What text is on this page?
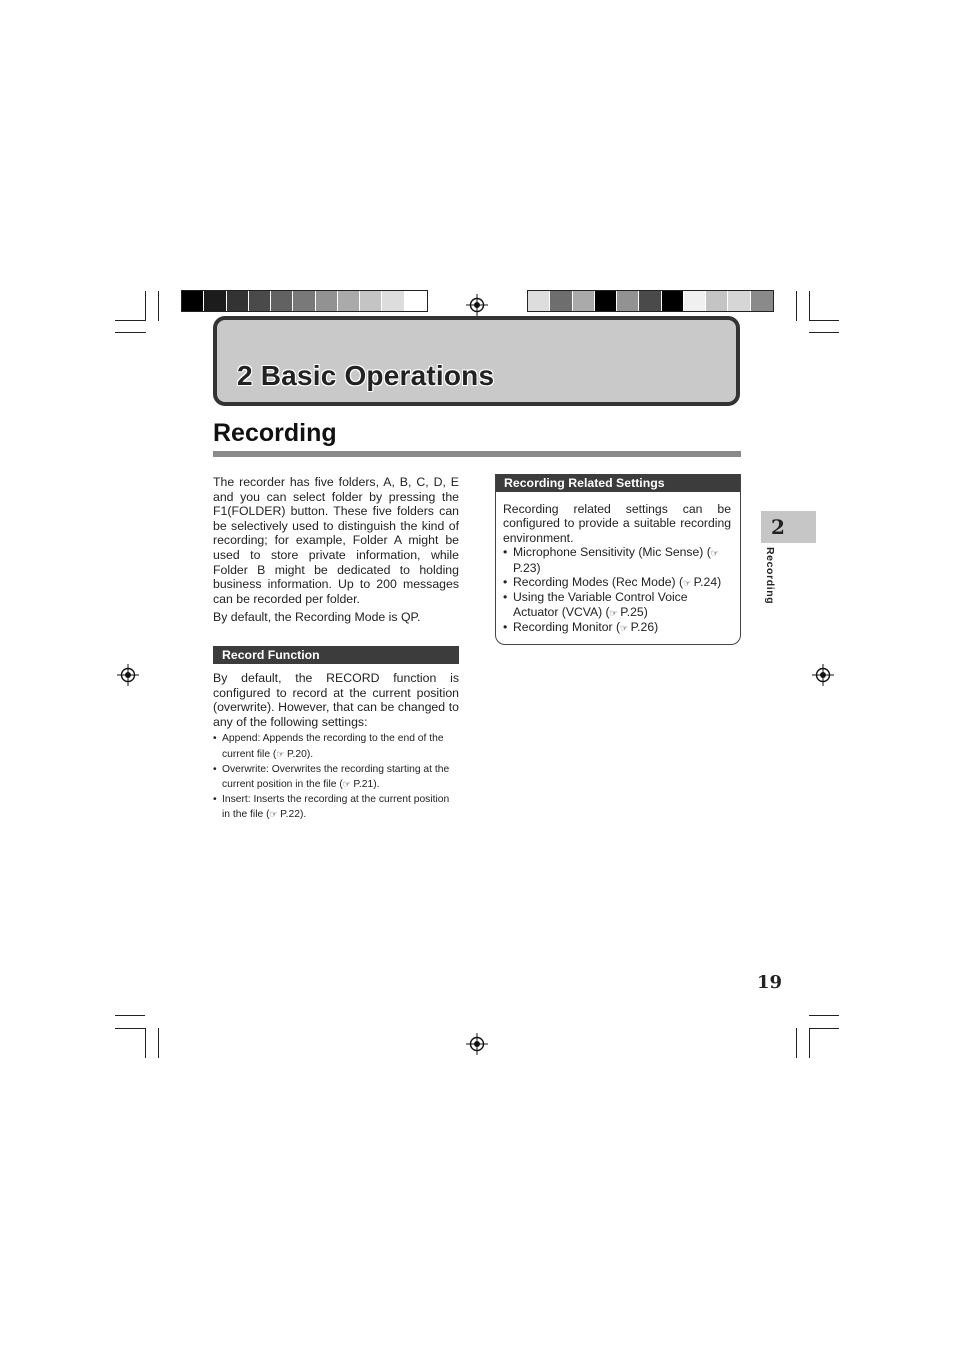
2 Basic Operations
Recording

The recorder has five folders, A, B, C, D, E and you can select folder by pressing the F1(FOLDER) button. These five folders can be selectively used to distinguish the kind of recording; for example, Folder A might be used to store private information, while Folder B might be dedicated to holding business information. Up to 200 messages can be recorded per folder.

By default, the Recording Mode is QP.

Record Function

By default, the RECORD function is configured to record at the current position (overwrite). However, that can be changed to any of the following settings:

• Append: Appends the recording to the end of the current file (☞ P.20).
• Overwrite: Overwrites the recording starting at the current position in the file (☞ P.21).
• Insert: Inserts the recording at the current position in the file (☞ P.22).
Recording Related Settings

Recording related settings can be configured to provide a suitable recording environment.

• Microphone Sensitivity (Mic Sense) (☞ P.23)
• Recording Modes (Rec Mode) (☞ P.24)
• Using the Variable Control Voice Actuator (VCVA) (☞ P.25)
• Recording Monitor (☞ P.26)
2
Recording
19
